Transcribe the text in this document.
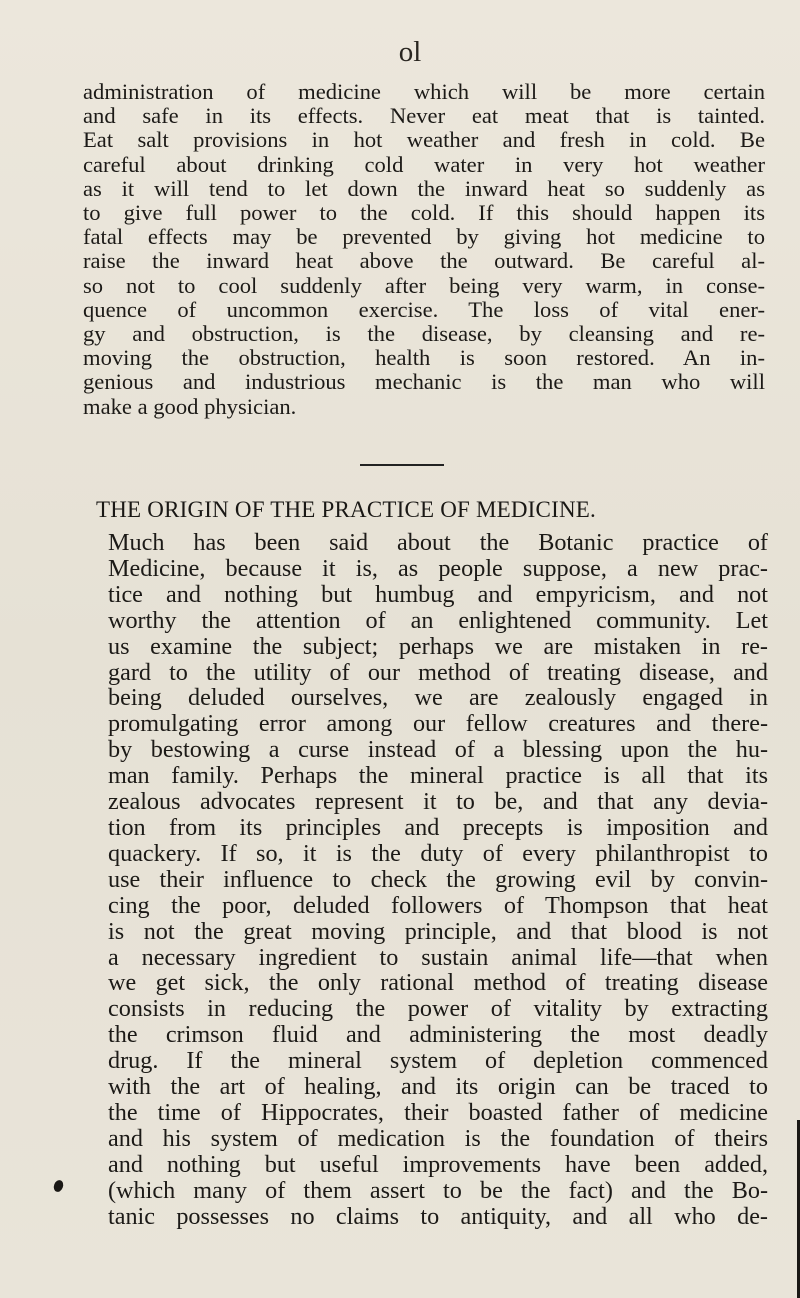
ol
administration of medicine which will be more certain
and safe in its effects. Never eat meat that is tainted.
Eat salt provisions in hot weather and fresh in cold. Be
careful about drinking cold water in very hot weather
as it will tend to let down the inward heat so suddenly as
to give full power to the cold. If this should happen its
fatal effects may be prevented by giving hot medicine to
raise the inward heat above the outward. Be careful al-
so not to cool suddenly after being very warm, in conse-
quence of uncommon exercise. The loss of vital ener-
gy and obstruction, is the disease, by cleansing and re-
moving the obstruction, health is soon restored. An in-
genious and industrious mechanic is the man who will
make a good physician.
THE ORIGIN OF THE PRACTICE OF MEDICINE.
Much has been said about the Botanic practice of
Medicine, because it is, as people suppose, a new prac-
tice and nothing but humbug and empyricism, and not
worthy the attention of an enlightened community. Let
us examine the subject; perhaps we are mistaken in re-
gard to the utility of our method of treating disease, and
being deluded ourselves, we are zealously engaged in
promulgating error among our fellow creatures and there-
by bestowing a curse instead of a blessing upon the hu-
man family. Perhaps the mineral practice is all that its
zealous advocates represent it to be, and that any devia-
tion from its principles and precepts is imposition and
quackery. If so, it is the duty of every philanthropist to
use their influence to check the growing evil by convin-
cing the poor, deluded followers of Thompson that heat
is not the great moving principle, and that blood is not
a necessary ingredient to sustain animal life—that when
we get sick, the only rational method of treating disease
consists in reducing the power of vitality by extracting
the crimson fluid and administering the most deadly
drug. If the mineral system of depletion commenced
with the art of healing, and its origin can be traced to
the time of Hippocrates, their boasted father of medicine
and his system of medication is the foundation of theirs
and nothing but useful improvements have been added,
(which many of them assert to be the fact) and the Bo-
tanic possesses no claims to antiquity, and all who de-
